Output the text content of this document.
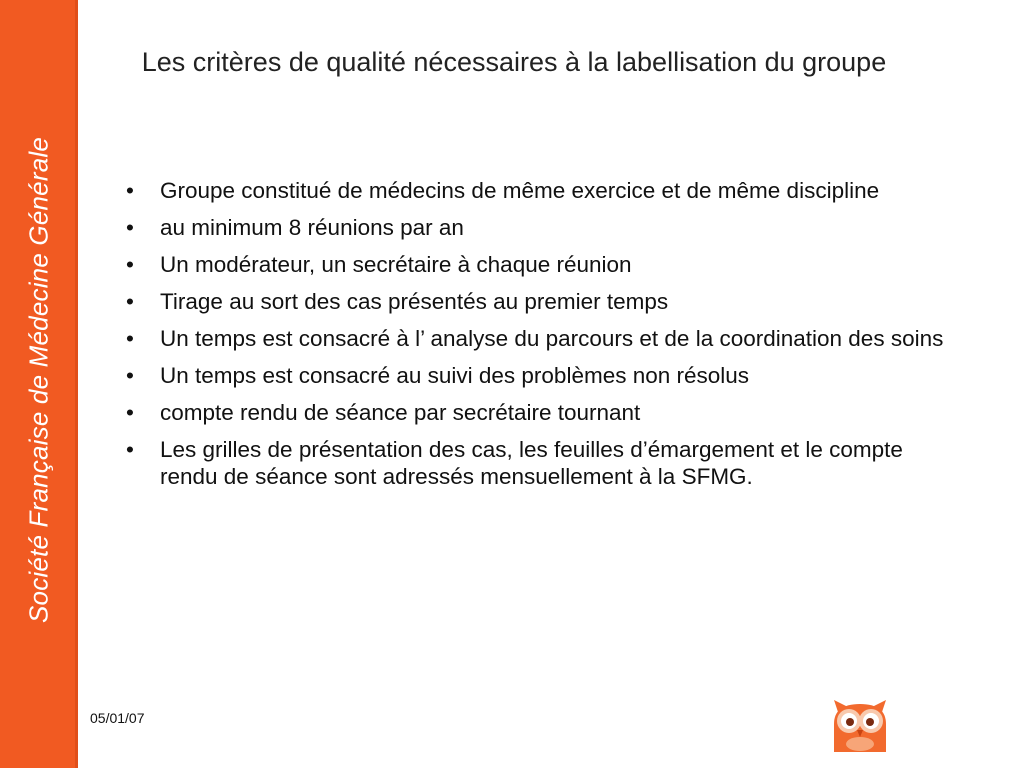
Société Française de Médecine Générale
Les critères de qualité nécessaires à la labellisation du groupe
• Groupe constitué de médecins de même exercice et de même discipline
• au minimum 8 réunions par an
• Un modérateur, un secrétaire à chaque réunion
• Tirage au sort des cas présentés au premier temps
• Un temps est consacré à l’ analyse du parcours et de la coordination des soins
• Un temps est consacré au suivi des problèmes non résolus
• compte rendu de séance par secrétaire tournant
• Les grilles de présentation des cas, les feuilles d’émargement et le compte rendu de séance sont adressés mensuellement à la SFMG.
05/01/07
